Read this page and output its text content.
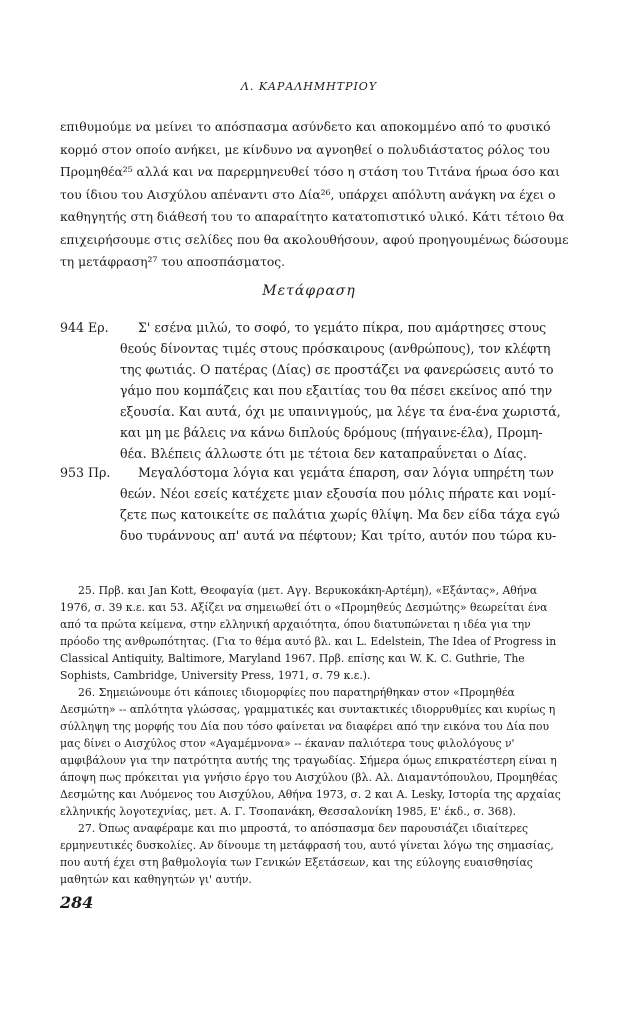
Λ. ΚΑΡΑΛΗΜΗΤΡΙΟΥ
επιθυμούμε να μείνει το απόσπασμα ασύνδετο και αποκομμένο από το φυσικό
κορμό στον οποίο ανήκει, με κίνδυνο να αγνοηθεί ο πολυδιάστατος ρόλος του
Προμηθέα²⁵ αλλά και να παρερμηνευθεί τόσο η στάση του Τιτάνα ήρωα όσο και
του ίδιου του Αισχύλου απέναντι στο Δία²⁶, υπάρχει απόλυτη ανάγκη να έχει ο
καθηγητής στη διάθεσή του το απαραίτητο κατατοπιστικό υλικό. Κάτι τέτοιο θα
επιχειρήσουμε στις σελίδες που θα ακολουθήσουν, αφού προηγουμένως δώσουμε
τη μετάφραση²⁷ του αποσπάσματος.
Μετάφραση
944 Ερ.	Σ' εσένα μιλώ, το σοφό, το γεμάτο πίκρα, που αμάρτησες στους
θεούς δίνοντας τιμές στους πρόσκαιρους (ανθρώπους), τον κλέφτη
της φωτιάς. Ο πατέρας (Δίας) σε προστάζει να φανερώσεις αυτό το
γάμο που κομπάζεις και που εξαιτίας του θα πέσει εκείνος από την
εξουσία. Και αυτά, όχι με υπαινιγμούς, μα λέγε τα ένα-ένα χωριστά,
και μη με βάλεις να κάνω διπλούς δρόμους (πήγαινε-έλα), Προμη-
θέα. Βλέπεις άλλωστε ότι με τέτοια δεν καταπραΰνεται ο Δίας.
953 Πρ.	Μεγαλόστομα λόγια και γεμάτα έπαρση, σαν λόγια υπηρέτη των
θεών. Νέοι εσείς κατέχετε μιαν εξουσία που μόλις πήρατε και νομί-
ζετε πως κατοικείτε σε παλάτια χωρίς θλίψη. Μα δεν είδα τάχα εγώ
δυο τυράννους απ' αυτά να πέφτουν; Και τρίτο, αυτόν που τώρα κυ-
25. Πρβ. και Jan Kott, Θεοφαγία (μετ. Αγγ. Βερυκοκάκη-Αρτέμη), «Εξάντας», Αθήνα
1976, σ. 39 κ.ε. και 53. Αξίζει να σημειωθεί ότι ο «Προμηθεύς Δεσμώτης» θεωρείται ένα
από τα πρώτα κείμενα, στην ελληνική αρχαιότητα, όπου διατυπώνεται η ιδέα για την
πρόοδο της ανθρωπότητας. (Για το θέμα αυτό βλ. και L. Edelstein, The Idea of Progress in
Classical Antiquity, Baltimore, Maryland 1967. Πρβ. επίσης και W. K. C. Guthrie, The
Sophists, Cambridge, University Press, 1971, σ. 79 κ.ε.).
26. Σημειώνουμε ότι κάποιες ιδιομορφίες που παρατηρήθηκαν στον «Προμηθέα
Δεσμώτη» -- απλότητα γλώσσας, γραμματικές και συντακτικές ιδιορρυθμίες και κυρίως η
σύλληψη της μορφής του Δία που τόσο φαίνεται να διαφέρει από την εικόνα του Δία που
μας δίνει ο Αισχύλος στον «Αγαμέμνονα» -- έκαναν παλιότερα τους φιλολόγους ν'
αμφιβάλουν για την πατρότητα αυτής της τραγωδίας. Σήμερα όμως επικρατέστερη είναι η
άποψη πως πρόκειται για γνήσιο έργο του Αισχύλου (βλ. Αλ. Διαμαντόπουλου, Προμηθέας
Δεσμώτης και Λυόμενος του Αισχύλου, Αθήνα 1973, σ. 2 και A. Lesky, Ιστορία της αρχαίας
ελληνικής λογοτεχνίας, μετ. Α. Γ. Τσοπανάκη, Θεσσαλονίκη 1985, Ε' έκδ., σ. 368).
27. Όπως αναφέραμε και πιο μπροστά, το απόσπασμα δεν παρουσιάζει ιδιαίτερες
ερμηνευτικές δυσκολίες. Αν δίνουμε τη μετάφρασή του, αυτό γίνεται λόγω της σημασίας,
που αυτή έχει στη βαθμολογία των Γενικών Εξετάσεων, και της εύλογης ευαισθησίας
μαθητών και καθηγητών γι' αυτήν.
284
